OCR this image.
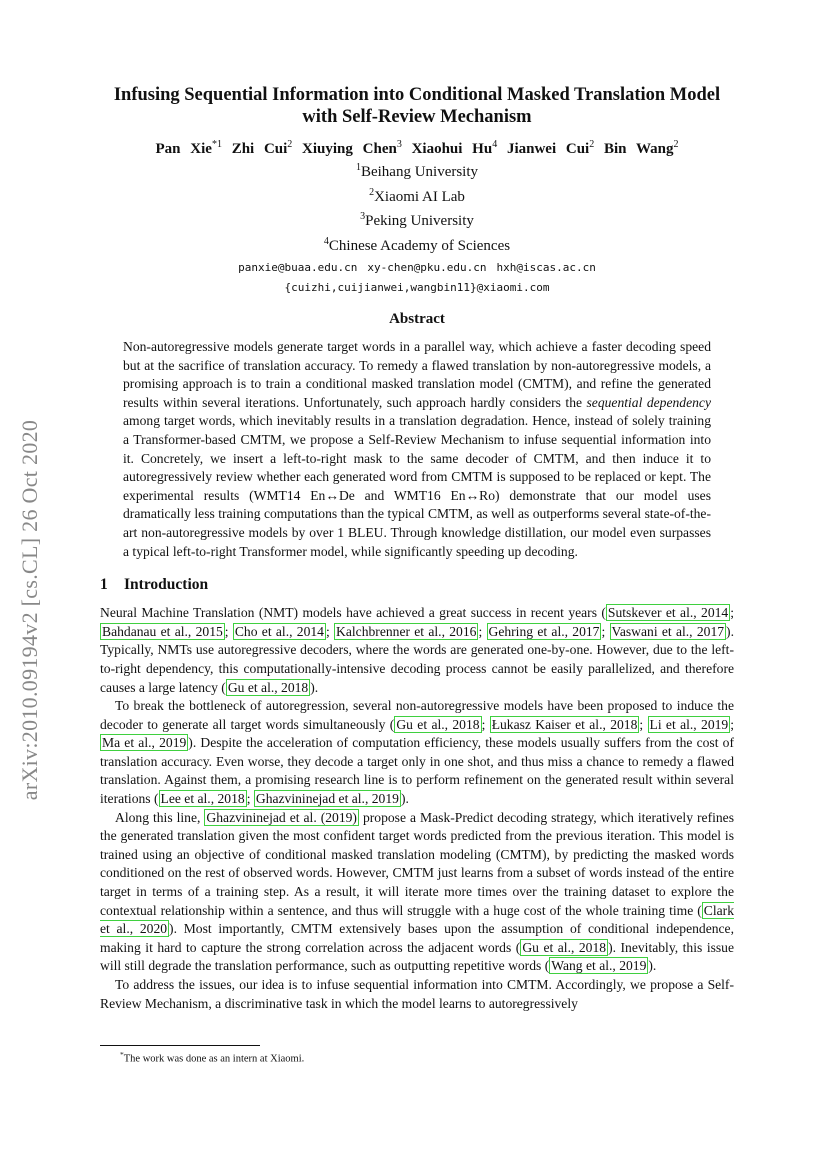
arXiv:2010.09194v2 [cs.CL] 26 Oct 2020
Infusing Sequential Information into Conditional Masked Translation Model with Self-Review Mechanism
Pan Xie$^{*1}$ Zhi Cui$^2$ Xiuying Chen$^3$ Xiaohui Hu$^4$ Jianwei Cui$^2$ Bin Wang$^2$
$^1$Beihang University
$^2$Xiaomi AI Lab
$^3$Peking University
$^4$Chinese Academy of Sciences
panxie@buaa.edu.cn xy-chen@pku.edu.cn hxh@iscas.ac.cn
{cuizhi,cuijianwei,wangbin11}@xiaomi.com
Abstract
Non-autoregressive models generate target words in a parallel way, which achieve a faster decoding speed but at the sacrifice of translation accuracy. To remedy a flawed translation by non-autoregressive models, a promising approach is to train a conditional masked translation model (CMTM), and refine the generated results within several iterations. Unfortunately, such approach hardly considers the sequential dependency among target words, which inevitably results in a translation degradation. Hence, instead of solely training a Transformer-based CMTM, we propose a Self-Review Mechanism to infuse sequential information into it. Concretely, we insert a left-to-right mask to the same decoder of CMTM, and then induce it to autoregressively review whether each generated word from CMTM is supposed to be replaced or kept. The experimental results (WMT14 En↔De and WMT16 En↔Ro) demonstrate that our model uses dramatically less training computations than the typical CMTM, as well as outperforms several state-of-the-art non-autoregressive models by over 1 BLEU. Through knowledge distillation, our model even surpasses a typical left-to-right Transformer model, while significantly speeding up decoding.
1 Introduction

Neural Machine Translation (NMT) models have achieved a great success in recent years ( Sutskever et al., 2014 ; Bahdanau et al., 2015 ; Cho et al., 2014 ; Kalchbrenner et al., 2016 ; Gehring et al., 2017 ; Vaswani et al., 2017 ). Typically, NMTs use autoregressive decoders, where the words are generated one-by-one. However, due to the left-to-right dependency, this computationally-intensive decoding process cannot be easily parallelized, and therefore causes a large latency ( Gu et al., 2018 ).

To break the bottleneck of autoregression, several non-autoregressive models have been proposed to induce the decoder to generate all target words simultaneously ( Gu et al., 2018 ; Łukasz Kaiser et al., 2018 ; Li et al., 2019 ; Ma et al., 2019 ). Despite the acceleration of computation efficiency, these models usually suffers from the cost of translation accuracy. Even worse, they decode a target only in one shot, and thus miss a chance to remedy a flawed translation. Against them, a promising research line is to perform refinement on the generated result within several iterations ( Lee et al., 2018 ; Ghazvininejad et al., 2019 ).

Along this line, Ghazvininejad et al. (2019) propose a Mask-Predict decoding strategy, which iteratively refines the generated translation given the most confident target words predicted from the previous iteration. This model is trained using an objective of conditional masked translation modeling (CMTM), by predicting the masked words conditioned on the rest of observed words. However, CMTM just learns from a subset of words instead of the entire target in terms of a training step. As a result, it will iterate more times over the training dataset to explore the contextual relationship within a sentence, and thus will struggle with a huge cost of the whole training time ( Clark et al., 2020 ). Most importantly, CMTM extensively bases upon the assumption of conditional independence, making it hard to capture the strong correlation across the adjacent words ( Gu et al., 2018 ). Inevitably, this issue will still degrade the translation performance, such as outputting repetitive words ( Wang et al., 2019 ).

To address the issues, our idea is to infuse sequential information into CMTM. Accordingly, we propose a Self-Review Mechanism, a discriminative task in which the model learns to autoregressively

*The work was done as an intern at Xiaomi.
